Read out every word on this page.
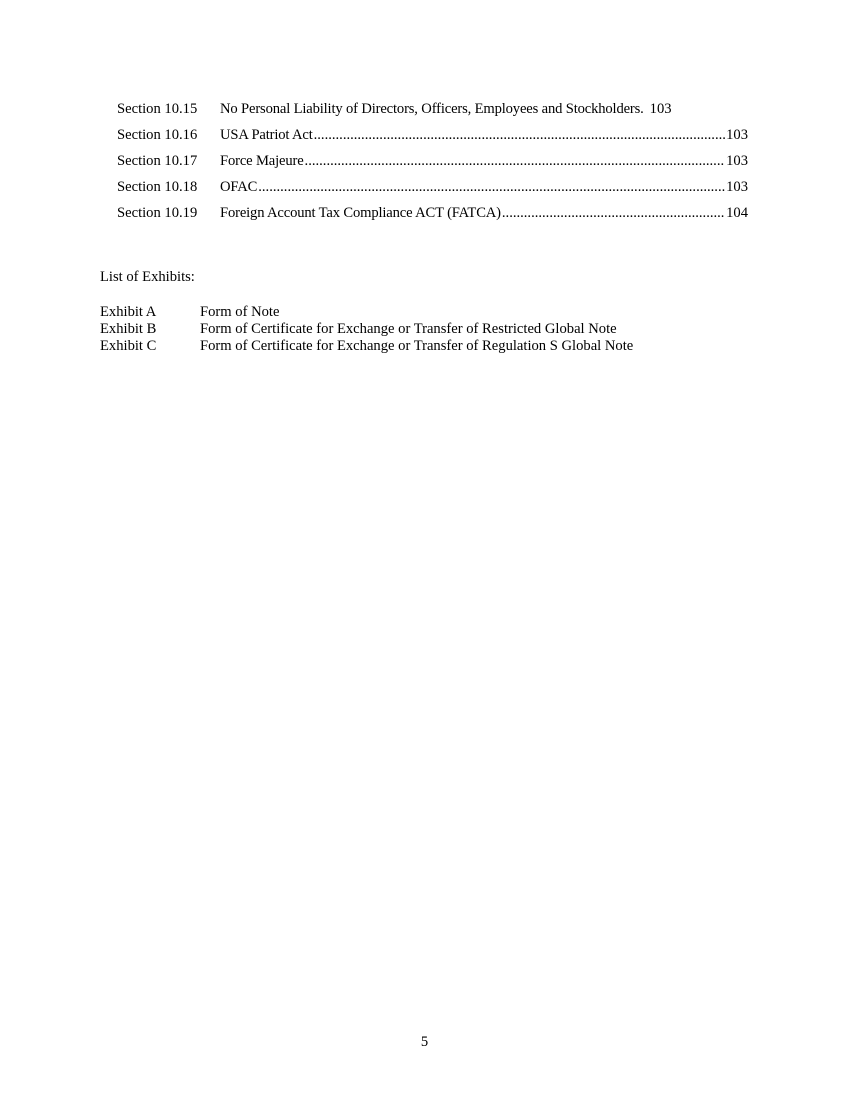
Section 10.15	No Personal Liability of Directors, Officers, Employees and Stockholders. 103
Section 10.16	USA Patriot Act .....	103
Section 10.17	Force Majeure .....	103
Section 10.18	OFAC .....	103
Section 10.19	Foreign Account Tax Compliance ACT (FATCA) .....	104
List of Exhibits:
Exhibit A	Form of Note
Exhibit B	Form of Certificate for Exchange or Transfer of Restricted Global Note
Exhibit C	Form of Certificate for Exchange or Transfer of Regulation S Global Note
5
